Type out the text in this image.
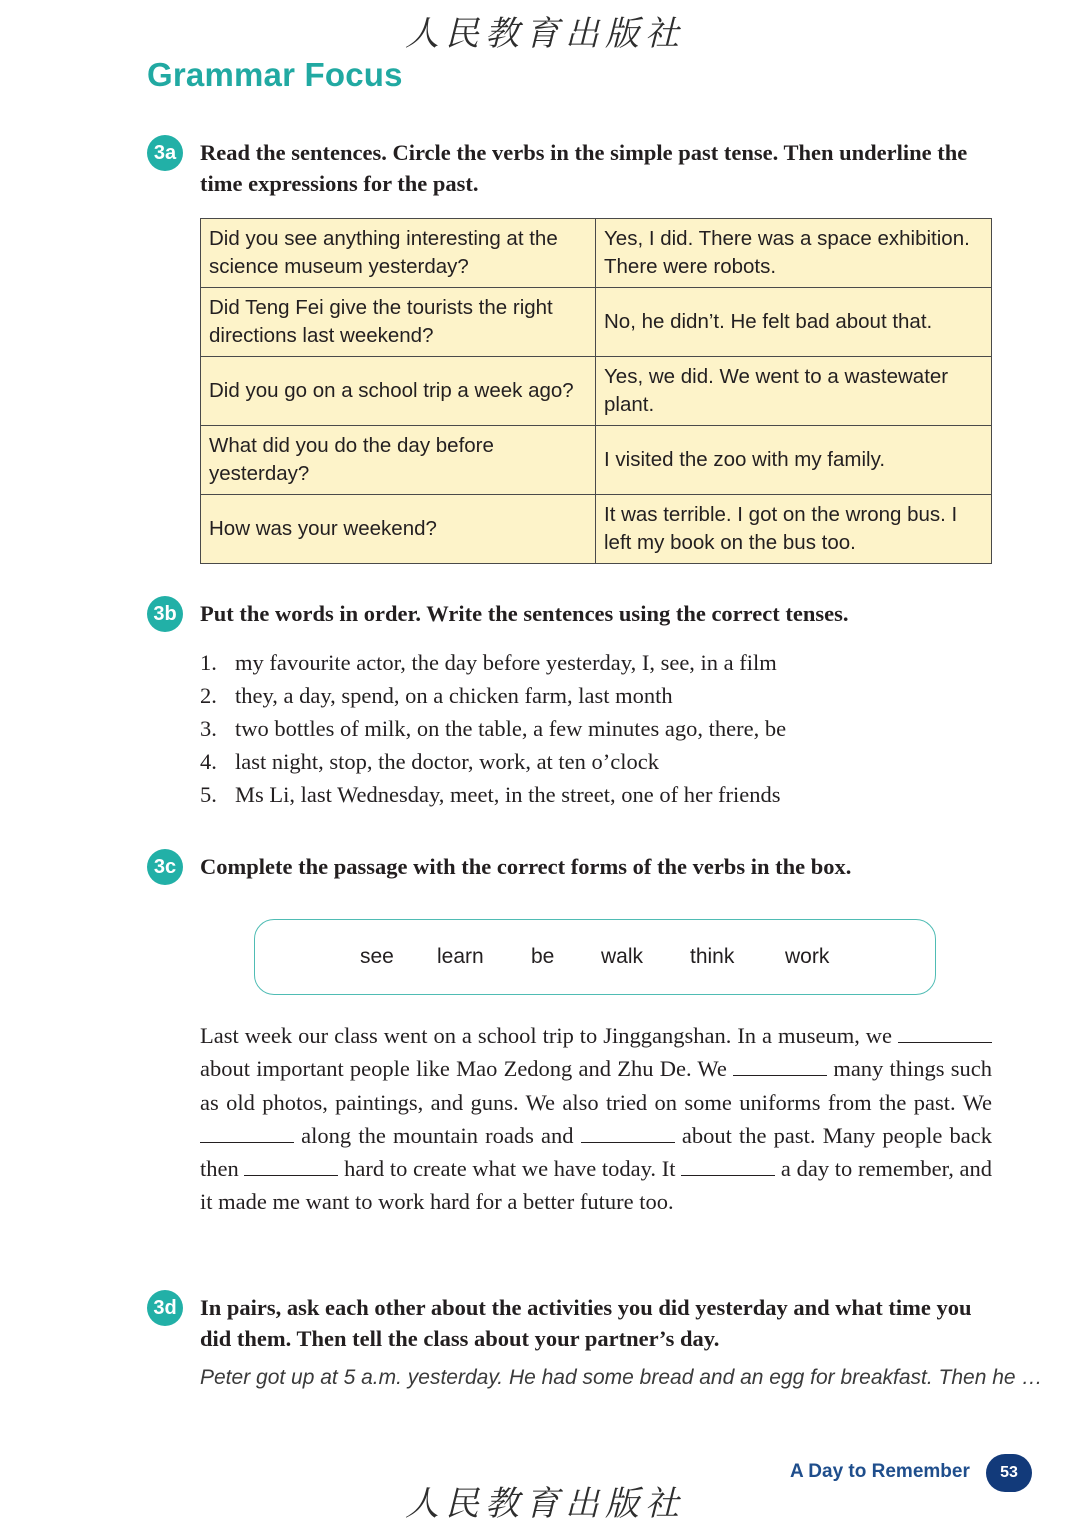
人民教育出版社
Grammar Focus
3a	Read the sentences. Circle the verbs in the simple past tense. Then underline the time expressions for the past.
Did you see anything interesting at the science museum yesterday?	Yes, I did. There was a space exhibition. There were robots.
Did Teng Fei give the tourists the right directions last weekend?	No, he didn’t. He felt bad about that.
Did you go on a school trip a week ago?	Yes, we did. We went to a wastewater plant.
What did you do the day before yesterday?	I visited the zoo with my family.
How was your weekend?	It was terrible. I got on the wrong bus. I left my book on the bus too.
3b Put the words in order. Write the sentences using the correct tenses.
1. my favourite actor, the day before yesterday, I, see, in a film
2. they, a day, spend, on a chicken farm, last month
3. two bottles of milk, on the table, a few minutes ago, there, be
4. last night, stop, the doctor, work, at ten o’clock
5. Ms Li, last Wednesday, meet, in the street, one of her friends
3c	Complete the passage with the correct forms of the verbs in the box.
see learn be walk think work
Last week our class went on a school trip to Jinggangshan. In a museum, we  about important people like Mao Zedong and Zhu De. We	many things such as old photos, paintings, and guns. We also tried on some uniforms from the past. We  along the mountain roads and	about the past. Many people back then	hard to create what we have today. It	a day to remember, and it made me want to work hard for a better future too.
3d In pairs, ask each other about the activities you did yesterday and what time you did them. Then tell the class about your partner’s day.
Peter got up at 5 a.m. yesterday. He had some bread and an egg for breakfast. Then he …
A Day to Remember	53
人民教育出版社
